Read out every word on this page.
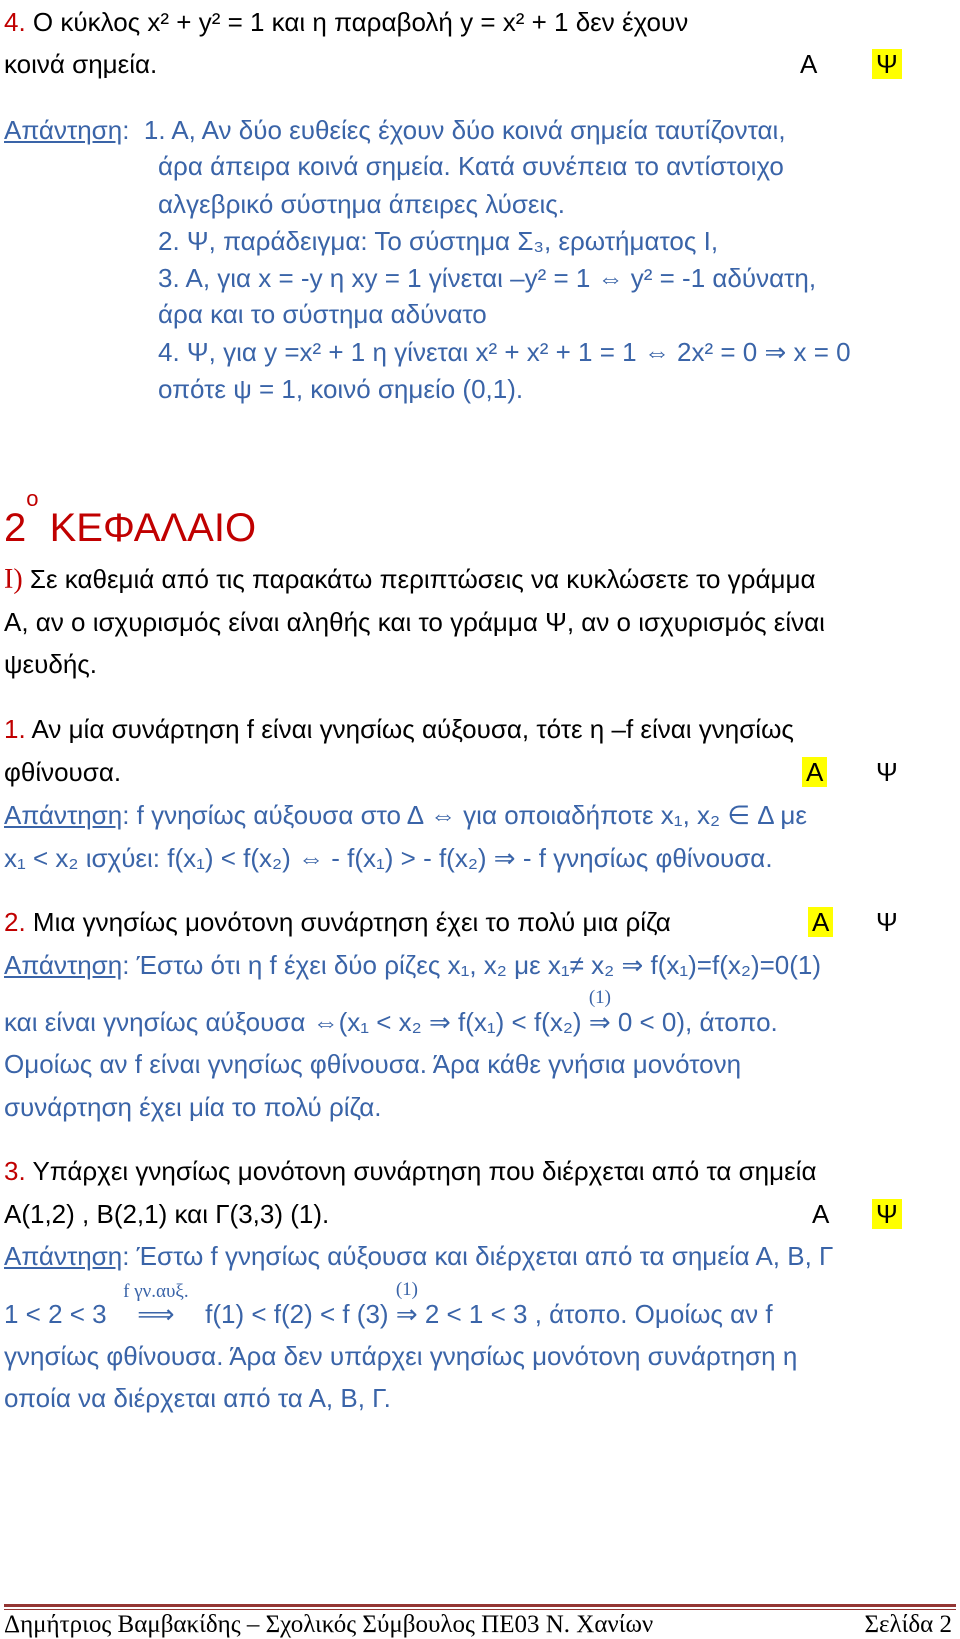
4. Ο κύκλος x² + y² = 1 και η παραβολή y = x² + 1 δεν έχουν
κοινά σημεία.	Α Ψ
Απάντηση:  1. Α, Αν δύο ευθείες έχουν δύο κοινά σημεία ταυτίζονται,
άρα άπειρα κοινά σημεία. Κατά συνέπεια το αντίστοιχο
αλγεβρικό σύστημα άπειρες λύσεις.
2. Ψ, παράδειγμα: Το σύστημα Σ₃, ερωτήματος Ι,
3. Α, για x = -y η xy = 1 γίνεται –y² = 1 ⇔ y² = -1 αδύνατη,
άρα και το σύστημα αδύνατο
4. Ψ, για y =x² + 1 η γίνεται x² + x² + 1 = 1 ⇔ 2x² = 0 ⇒ x = 0
οπότε ψ = 1, κοινό σημείο (0,1).
$2^o$ ΚΕΦΑΛΑΙΟ
Ι) Σε καθεμιά από τις παρακάτω περιπτώσεις να κυκλώσετε το γράμμα
Α, αν ο ισχυρισμός είναι αληθής και το γράμμα Ψ, αν ο ισχυρισμός είναι
ψευδής.
1. Αν μία συνάρτηση f είναι γνησίως αύξουσα, τότε η –f είναι γνησίως
φθίνουσα.	Α Ψ
Απάντηση: f γνησίως αύξουσα στο Δ ⇔ για οποιαδήποτε x₁, x₂ ∈ Δ με
x₁ < x₂ ισχύει: f(x₁) < f(x₂) ⇔ - f(x₁) > - f(x₂) ⇒ - f γνησίως φθίνουσα.
2. Μια γνησίως μονότονη συνάρτηση έχει το πολύ μια ρίζα	Α Ψ
Απάντηση: Έστω ότι η f έχει δύο ρίζες x₁, x₂ με x₁≠ x₂ ⇒ f(x₁)=f(x₂)=0(1)
και είναι γνησίως αύξουσα ⇔(x₁ < x₂ ⇒ f(x₁) < f(x₂)
(1)
⇒ 0 < 0), άτοπο.
Ομοίως αν f είναι γνησίως φθίνουσα. Άρα κάθε γνήσια μονότονη
συνάρτηση έχει μία το πολύ ρίζα.
3. Υπάρχει γνησίως μονότονη συνάρτηση που διέρχεται από τα σημεία
Α(1,2) , Β(2,1) και Γ(3,3) (1).	Α Ψ
Απάντηση: Έστω f γνησίως αύξουσα και διέρχεται από τα σημεία Α, Β, Γ
1 < 2 < 3
f γν.αυξ.
⟹ f(1) < f(2) < f (3)
(1)
⇒ 2 < 1 < 3 , άτοπο. Ομοίως αν f
γνησίως φθίνουσα. Άρα δεν υπάρχει γνησίως μονότονη συνάρτηση η
οποία να διέρχεται από τα Α, Β, Γ.
Δημήτριος Βαμβακίδης – Σχολικός Σύμβουλος ΠΕ03 Ν. Χανίων	Σελίδα 2
